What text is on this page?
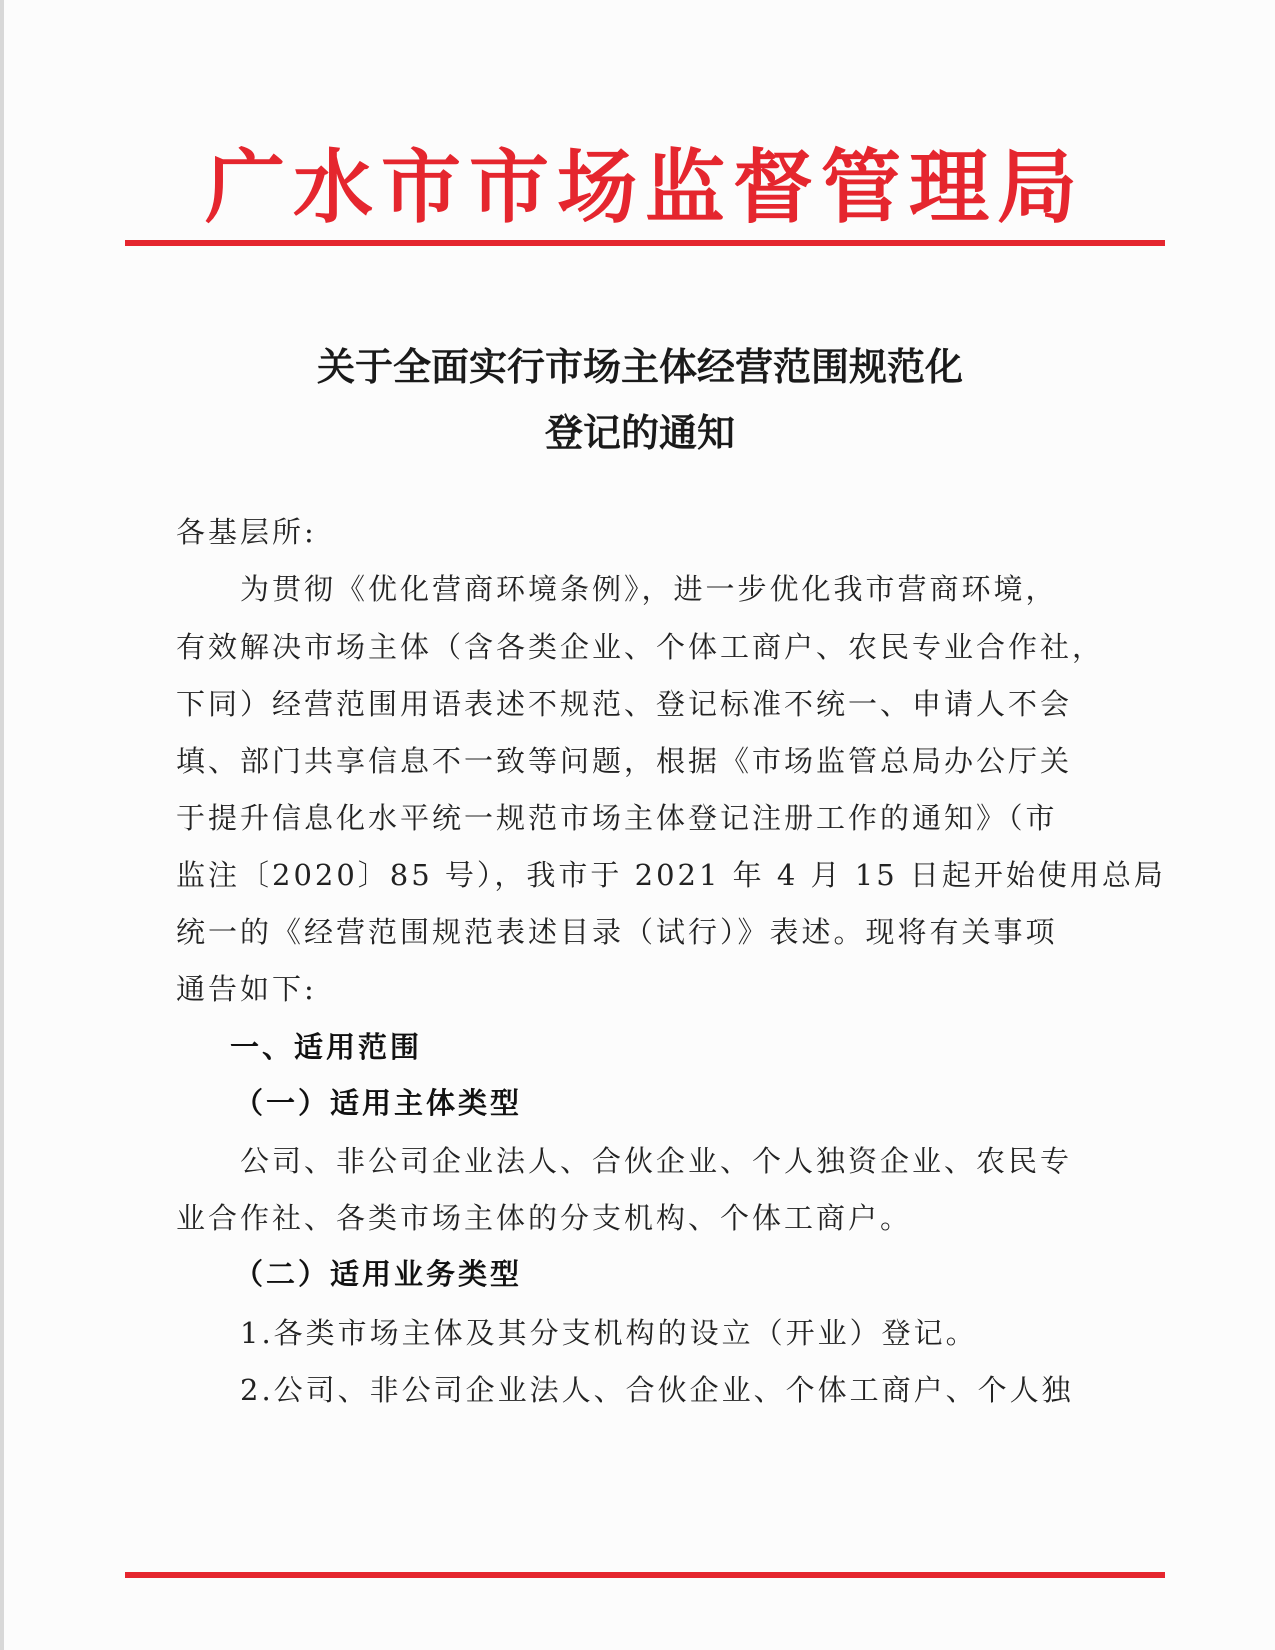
广水市市场监督管理局
关于全面实行市场主体经营范围规范化
登记的通知
各基层所:
为贯彻《优化营商环境条例》，进一步优化我市营商环境，
有效解决市场主体（含各类企业、个体工商户、农民专业合作社，
下同）经营范围用语表述不规范、登记标准不统一、申请人不会
填、部门共享信息不一致等问题，根据《市场监管总局办公厅关
于提升信息化水平统一规范市场主体登记注册工作的通知》（市
监注〔2020〕85 号），我市于 2021 年 4 月 15 日起开始使用总局
统一的《经营范围规范表述目录（试行）》表述。现将有关事项
通告如下:
一、适用范围
（一）适用主体类型
公司、非公司企业法人、合伙企业、个人独资企业、农民专
业合作社、各类市场主体的分支机构、个体工商户。
（二）适用业务类型
1.各类市场主体及其分支机构的设立（开业）登记。
2.公司、非公司企业法人、合伙企业、个体工商户、个人独
